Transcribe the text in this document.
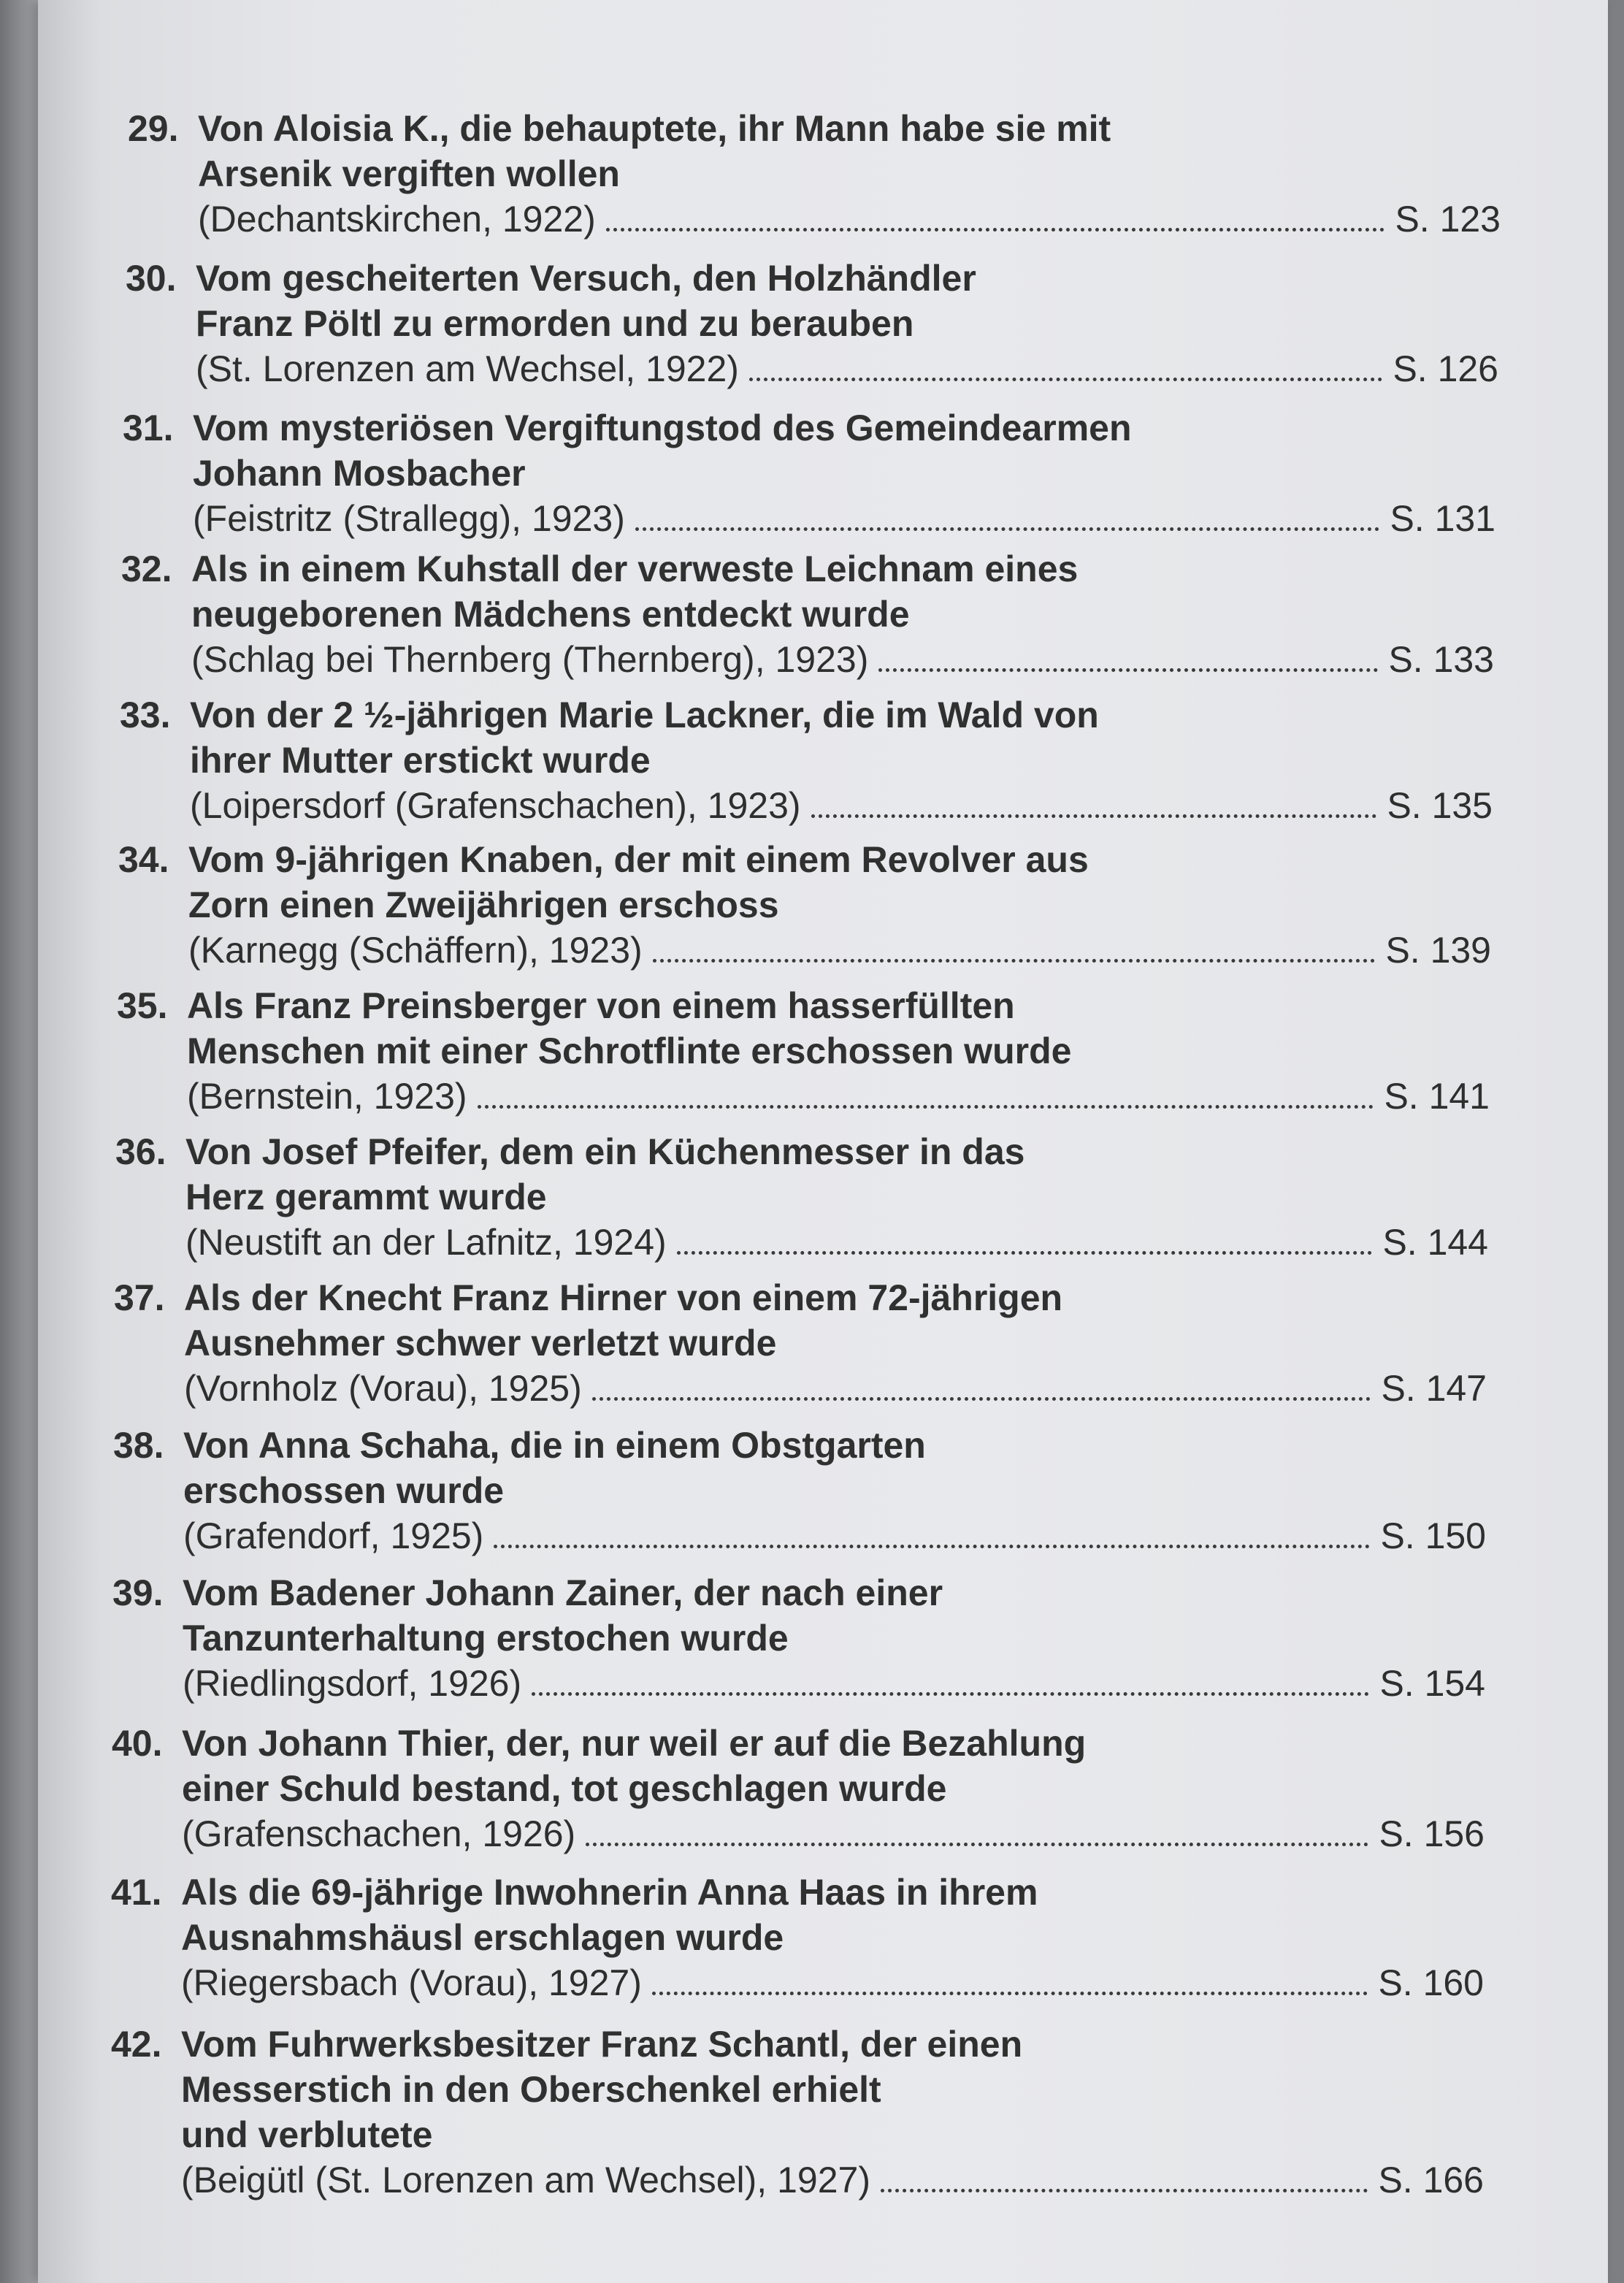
29. Von Aloisia K., die behauptete, ihr Mann habe sie mit
Arsenik vergiften wollen
(Dechantskirchen, 1922)	S. 123
30. Vom gescheiterten Versuch, den Holzhändler
Franz Pöltl zu ermorden und zu berauben
(St. Lorenzen am Wechsel, 1922)	S. 126
31. Vom mysteriösen Vergiftungstod des Gemeindearmen
Johann Mosbacher
(Feistritz (Strallegg), 1923)	S. 131
32. Als in einem Kuhstall der verweste Leichnam eines
neugeborenen Mädchens entdeckt wurde
(Schlag bei Thernberg (Thernberg), 1923)	S. 133
33. Von der 2 ½-jährigen Marie Lackner, die im Wald von
ihrer Mutter erstickt wurde
(Loipersdorf (Grafenschachen), 1923)	S. 135
34. Vom 9-jährigen Knaben, der mit einem Revolver aus
Zorn einen Zweijährigen erschoss
(Karnegg (Schäffern), 1923)	S. 139
35. Als Franz Preinsberger von einem hasserfüllten
Menschen mit einer Schrotflinte erschossen wurde
(Bernstein, 1923)	S. 141
36. Von Josef Pfeifer, dem ein Küchenmesser in das
Herz gerammt wurde
(Neustift an der Lafnitz, 1924)	S. 144
37. Als der Knecht Franz Hirner von einem 72-jährigen
Ausnehmer schwer verletzt wurde
(Vornholz (Vorau), 1925)	S. 147
38. Von Anna Schaha, die in einem Obstgarten
erschossen wurde
(Grafendorf, 1925)	S. 150
39. Vom Badener Johann Zainer, der nach einer
Tanzunterhaltung erstochen wurde
(Riedlingsdorf, 1926)	S. 154
40. Von Johann Thier, der, nur weil er auf die Bezahlung
einer Schuld bestand, tot geschlagen wurde
(Grafenschachen, 1926)	S. 156
41. Als die 69-jährige Inwohnerin Anna Haas in ihrem
Ausnahmshäusl erschlagen wurde
(Riegersbach (Vorau), 1927)	S. 160
42. Vom Fuhrwerksbesitzer Franz Schantl, der einen
Messerstich in den Oberschenkel erhielt
und verblutete
(Beigütl (St. Lorenzen am Wechsel), 1927)	S. 166
